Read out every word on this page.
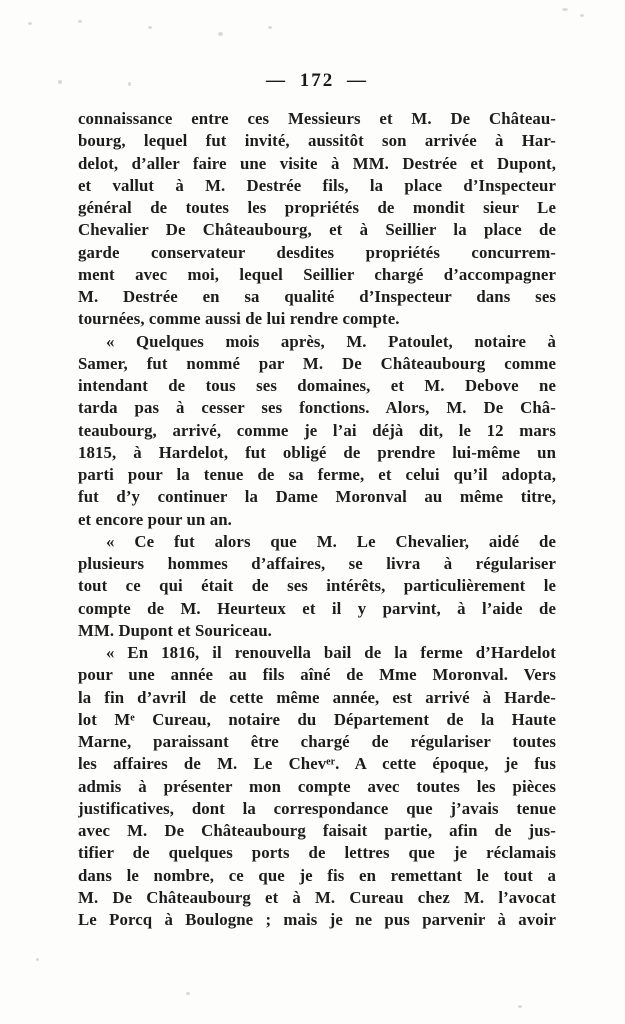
— 172 —
connaissance entre ces Messieurs et M. De Château-
bourg, lequel fut invité, aussitôt son arrivée à Har-
delot, d’aller faire une visite à MM. Destrée et Dupont,
et vallut à M. Destrée fils, la place d’Inspecteur
général de toutes les propriétés de mondit sieur Le
Chevalier De Châteaubourg, et à Seillier la place de
garde conservateur desdites propriétés concurrem-
ment avec moi, lequel Seillier chargé d’accompagner
M. Destrée en sa qualité d’Inspecteur dans ses
tournées, comme aussi de lui rendre compte.
« Quelques mois après, M. Patoulet, notaire à
Samer, fut nommé par M. De Châteaubourg comme
intendant de tous ses domaines, et M. Debove ne
tarda pas à cesser ses fonctions. Alors, M. De Châ-
teaubourg, arrivé, comme je l’ai déjà dit, le 12 mars
1815, à Hardelot, fut obligé de prendre lui-même un
parti pour la tenue de sa ferme, et celui qu’il adopta,
fut d’y continuer la Dame Moronval au même titre,
et encore pour un an.
« Ce fut alors que M. Le Chevalier, aidé de
plusieurs hommes d’affaires, se livra à régulariser
tout ce qui était de ses intérêts, particulièrement le
compte de M. Heurteux et il y parvint, à l’aide de
MM. Dupont et Souriceau.
« En 1816, il renouvella bail de la ferme d’Hardelot
pour une année au fils aîné de Mme Moronval. Vers
la fin d’avril de cette même année, est arrivé à Harde-
lot Mᵉ Cureau, notaire du Département de la Haute
Marne, paraissant être chargé de régulariser toutes
les affaires de M. Le Chevᵉʳ. A cette époque, je fus
admis à présenter mon compte avec toutes les pièces
justificatives, dont la correspondance que j’avais tenue
avec M. De Châteaubourg faisait partie, afin de jus-
tifier de quelques ports de lettres que je réclamais
dans le nombre, ce que je fis en remettant le tout a
M. De Châteaubourg et à M. Cureau chez M. l’avocat
Le Porcq à Boulogne ; mais je ne pus parvenir à avoir
